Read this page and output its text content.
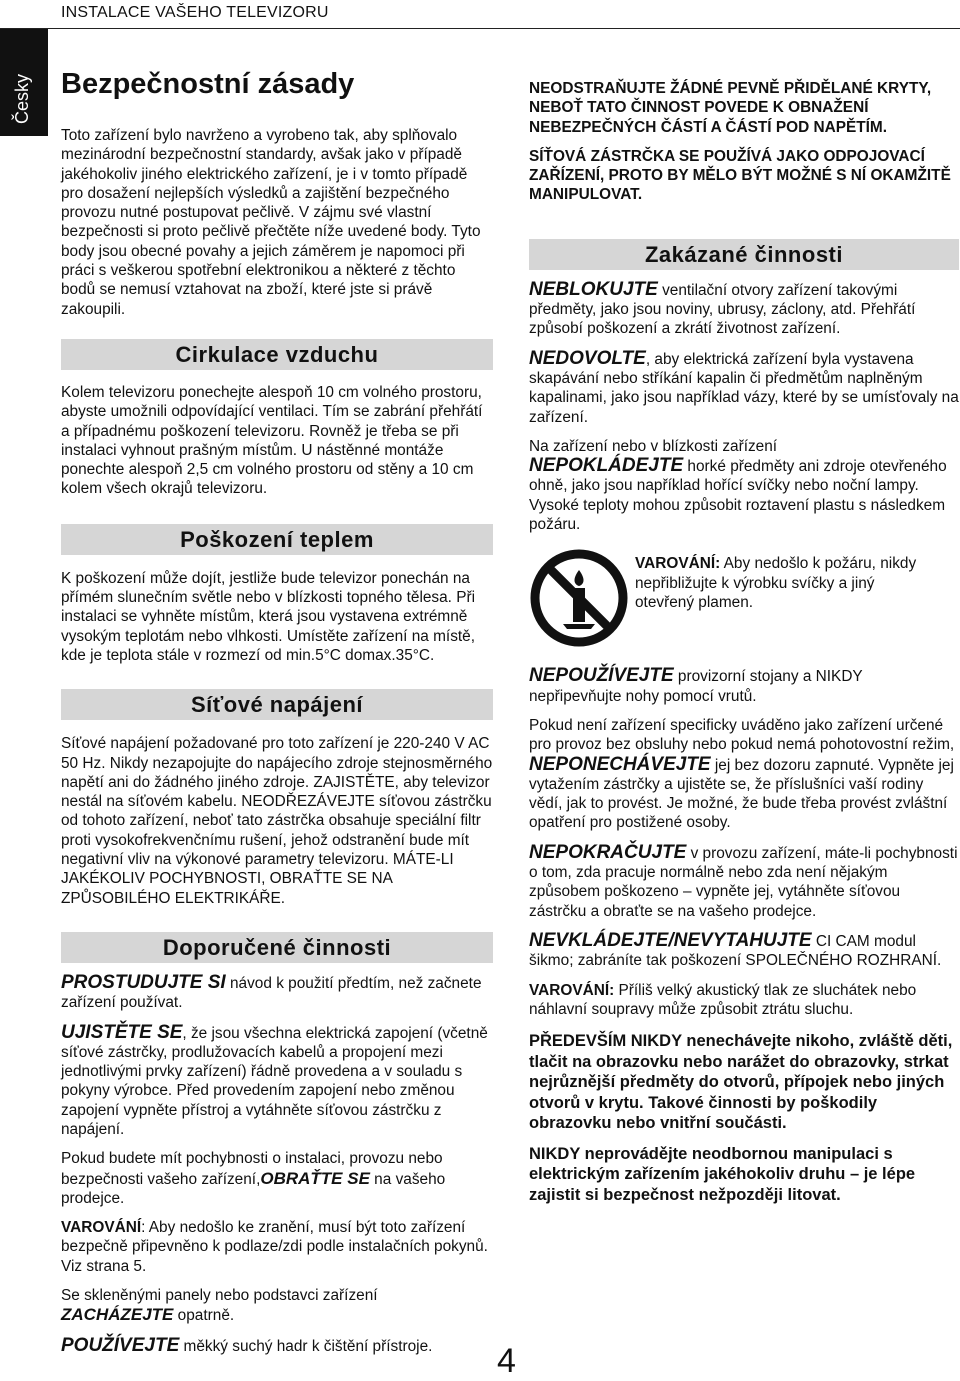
INSTALACE VAŠEHO TELEVIZORU
Česky Bezpečnostní zásady

Toto zařízení bylo navrženo a vyrobeno tak, aby splňovalo mezinárodní bezpečnostní standardy, avšak jako v případě jakéhokoliv jiného elektrického zařízení, je i v tomto případě pro dosažení nejlepších výsledků a zajištění bezpečného provozu nutné postupovat pečlivě. V zájmu své vlastní bezpečnosti si proto pečlivě přečtěte níže uvedené body. Tyto body jsou obecné povahy a jejich záměrem je napomoci při práci s veškerou spotřební elektronikou a některé z těchto bodů se nemusí vztahovat na zboží, které jste si právě zakoupili.

Cirkulace vzduchu

Kolem televizoru ponechejte alespoň 10 cm volného prostoru, abyste umožnili odpovídající ventilaci. Tím se zabrání přehřátí a případnému poškození televizoru. Rovněž je třeba se při instalaci vyhnout prašným místům. U nástěnné montáže ponechte alespoň 2,5 cm volného prostoru od stěny a 10 cm kolem všech okrajů televizoru.

Poškození teplem

K poškození může dojít, jestliže bude televizor ponechán na přímém slunečním světle nebo v blízkosti topného tělesa. Při instalaci se vyhněte místům, která jsou vystavena extrémně vysokým teplotám nebo vlhkosti. Umístěte zařízení na místě, kde je teplota stále v rozmezí od min.5°C domax.35°C.

Síťové napájení

Síťové napájení požadované pro toto zařízení je 220-240 V AC 50 Hz. Nikdy nezapojujte do napájecího zdroje stejnosměrného napětí ani do žádného jiného zdroje. ZAJISTĚTE, aby televizor nestál na síťovém kabelu. NEODŘEZÁVEJTE síťovou zástrčku od tohoto zařízení, neboť tato zástrčka obsahuje speciální filtr proti vysokofrekvenčnímu rušení, jehož odstranění bude mít negativní vliv na výkonové parametry televizoru. MÁTE-LI JAKÉKOLIV POCHYBNOSTI, OBRAŤTE SE NA ZPŮSOBILÉHO ELEKTRIKÁŘE.

Doporučené činnosti

PROSTUDUJTE SI návod k použití předtím, než začnete zařízení používat.

UJISTĚTE SE, že jsou všechna elektrická zapojení (včetně síťové zástrčky, prodlužovacích kabelů a propojení mezi jednotlivými prvky zařízení) řádně provedena a v souladu s pokyny výrobce. Před provedením zapojení nebo změnou zapojení vypněte přístroj a vytáhněte síťovou zástrčku z napájení.

Pokud budete mít pochybnosti o instalaci, provozu nebo bezpečnosti vašeho zařízení,OBRAŤTE SE na vašeho prodejce.

VAROVÁNÍ: Aby nedošlo ke zranění, musí být toto zařízení bezpečně připevněno k podlaze/zdi podle instalačních pokynů. Viz strana 5.

Se skleněnými panely nebo podstavci zařízení ZACHÁZEJTE opatrně.

POUŽÍVEJTE měkký suchý hadr k čištění přístroje.

NEODSTRAŇUJTE ŽÁDNÉ PEVNĚ PŘIDĚLANÉ KRYTY, NEBOŤ TATO ČINNOST POVEDE K OBNAŽENÍ NEBEZPEČNÝCH ČÁSTÍ A ČÁSTÍ POD NAPĚTÍM.

SÍŤOVÁ ZÁSTRČKA SE POUŽÍVÁ JAKO ODPOJOVACÍ ZAŘÍZENÍ, PROTO BY MĚLO BÝT MOŽNÉ S NÍ OKAMŽITĚ MANIPULOVAT.

Zakázané činnosti

NEBLOKUJTE ventilační otvory zařízení takovými předměty, jako jsou noviny, ubrusy, záclony, atd. Přehřátí způsobí poškození a zkrátí životnost zařízení.

NEDOVOLTE, aby elektrická zařízení byla vystavena skapávání nebo stříkání kapalin či předmětům naplněným kapalinami, jako jsou například vázy, které by se umísťovaly na zařízení.

Na zařízení nebo v blízkosti zařízení
NEPOKLÁDEJTE horké předměty ani zdroje otevřeného ohně, jako jsou například hořící svíčky nebo noční lampy. Vysoké teploty mohou způsobit roztavení plastu s následkem požáru.

VAROVÁNÍ: Aby nedošlo k požáru, nikdy nepřibližujte k výrobku svíčky a jiný otevřený plamen.

NEPOUŽÍVEJTE provizorní stojany a NIKDY nepřipevňujte nohy pomocí vrutů.

Pokud není zařízení specificky uváděno jako zařízení určené pro provoz bez obsluhy nebo pokud nemá pohotovostní režim, NEPONECHÁVEJTE jej bez dozoru zapnuté. Vypněte jej vytažením zástrčky a ujistěte se, že příslušníci vaší rodiny vědí, jak to provést. Je možné, že bude třeba provést zvláštní opatření pro postižené osoby.

NEPOKRAČUJTE v provozu zařízení, máte-li pochybnosti o tom, zda pracuje normálně nebo zda není nějakým způsobem poškozeno – vypněte jej, vytáhněte síťovou zástrčku a obraťte se na vašeho prodejce.

NEVKLÁDEJTE/NEVYTAHUJTE CI CAM modul šikmo; zabráníte tak poškození SPOLEČNÉHO ROZHRANÍ.

VAROVÁNÍ: Příliš velký akustický tlak ze sluchátek nebo náhlavní soupravy může způsobit ztrátu sluchu.

PŘEDEVŠÍM NIKDY nenechávejte nikoho, zvláště děti, tlačit na obrazovku nebo narážet do obrazovky, strkat nejrůznější předměty do otvorů, přípojek nebo jiných otvorů v krytu. Takové činnosti by poškodily obrazovku nebo vnitřní součásti.

NIKDY neprovádějte neodbornou manipulaci s elektrickým zařízením jakéhokoliv druhu – je lépe zajistit si bezpečnost nežpozději litovat.

4
